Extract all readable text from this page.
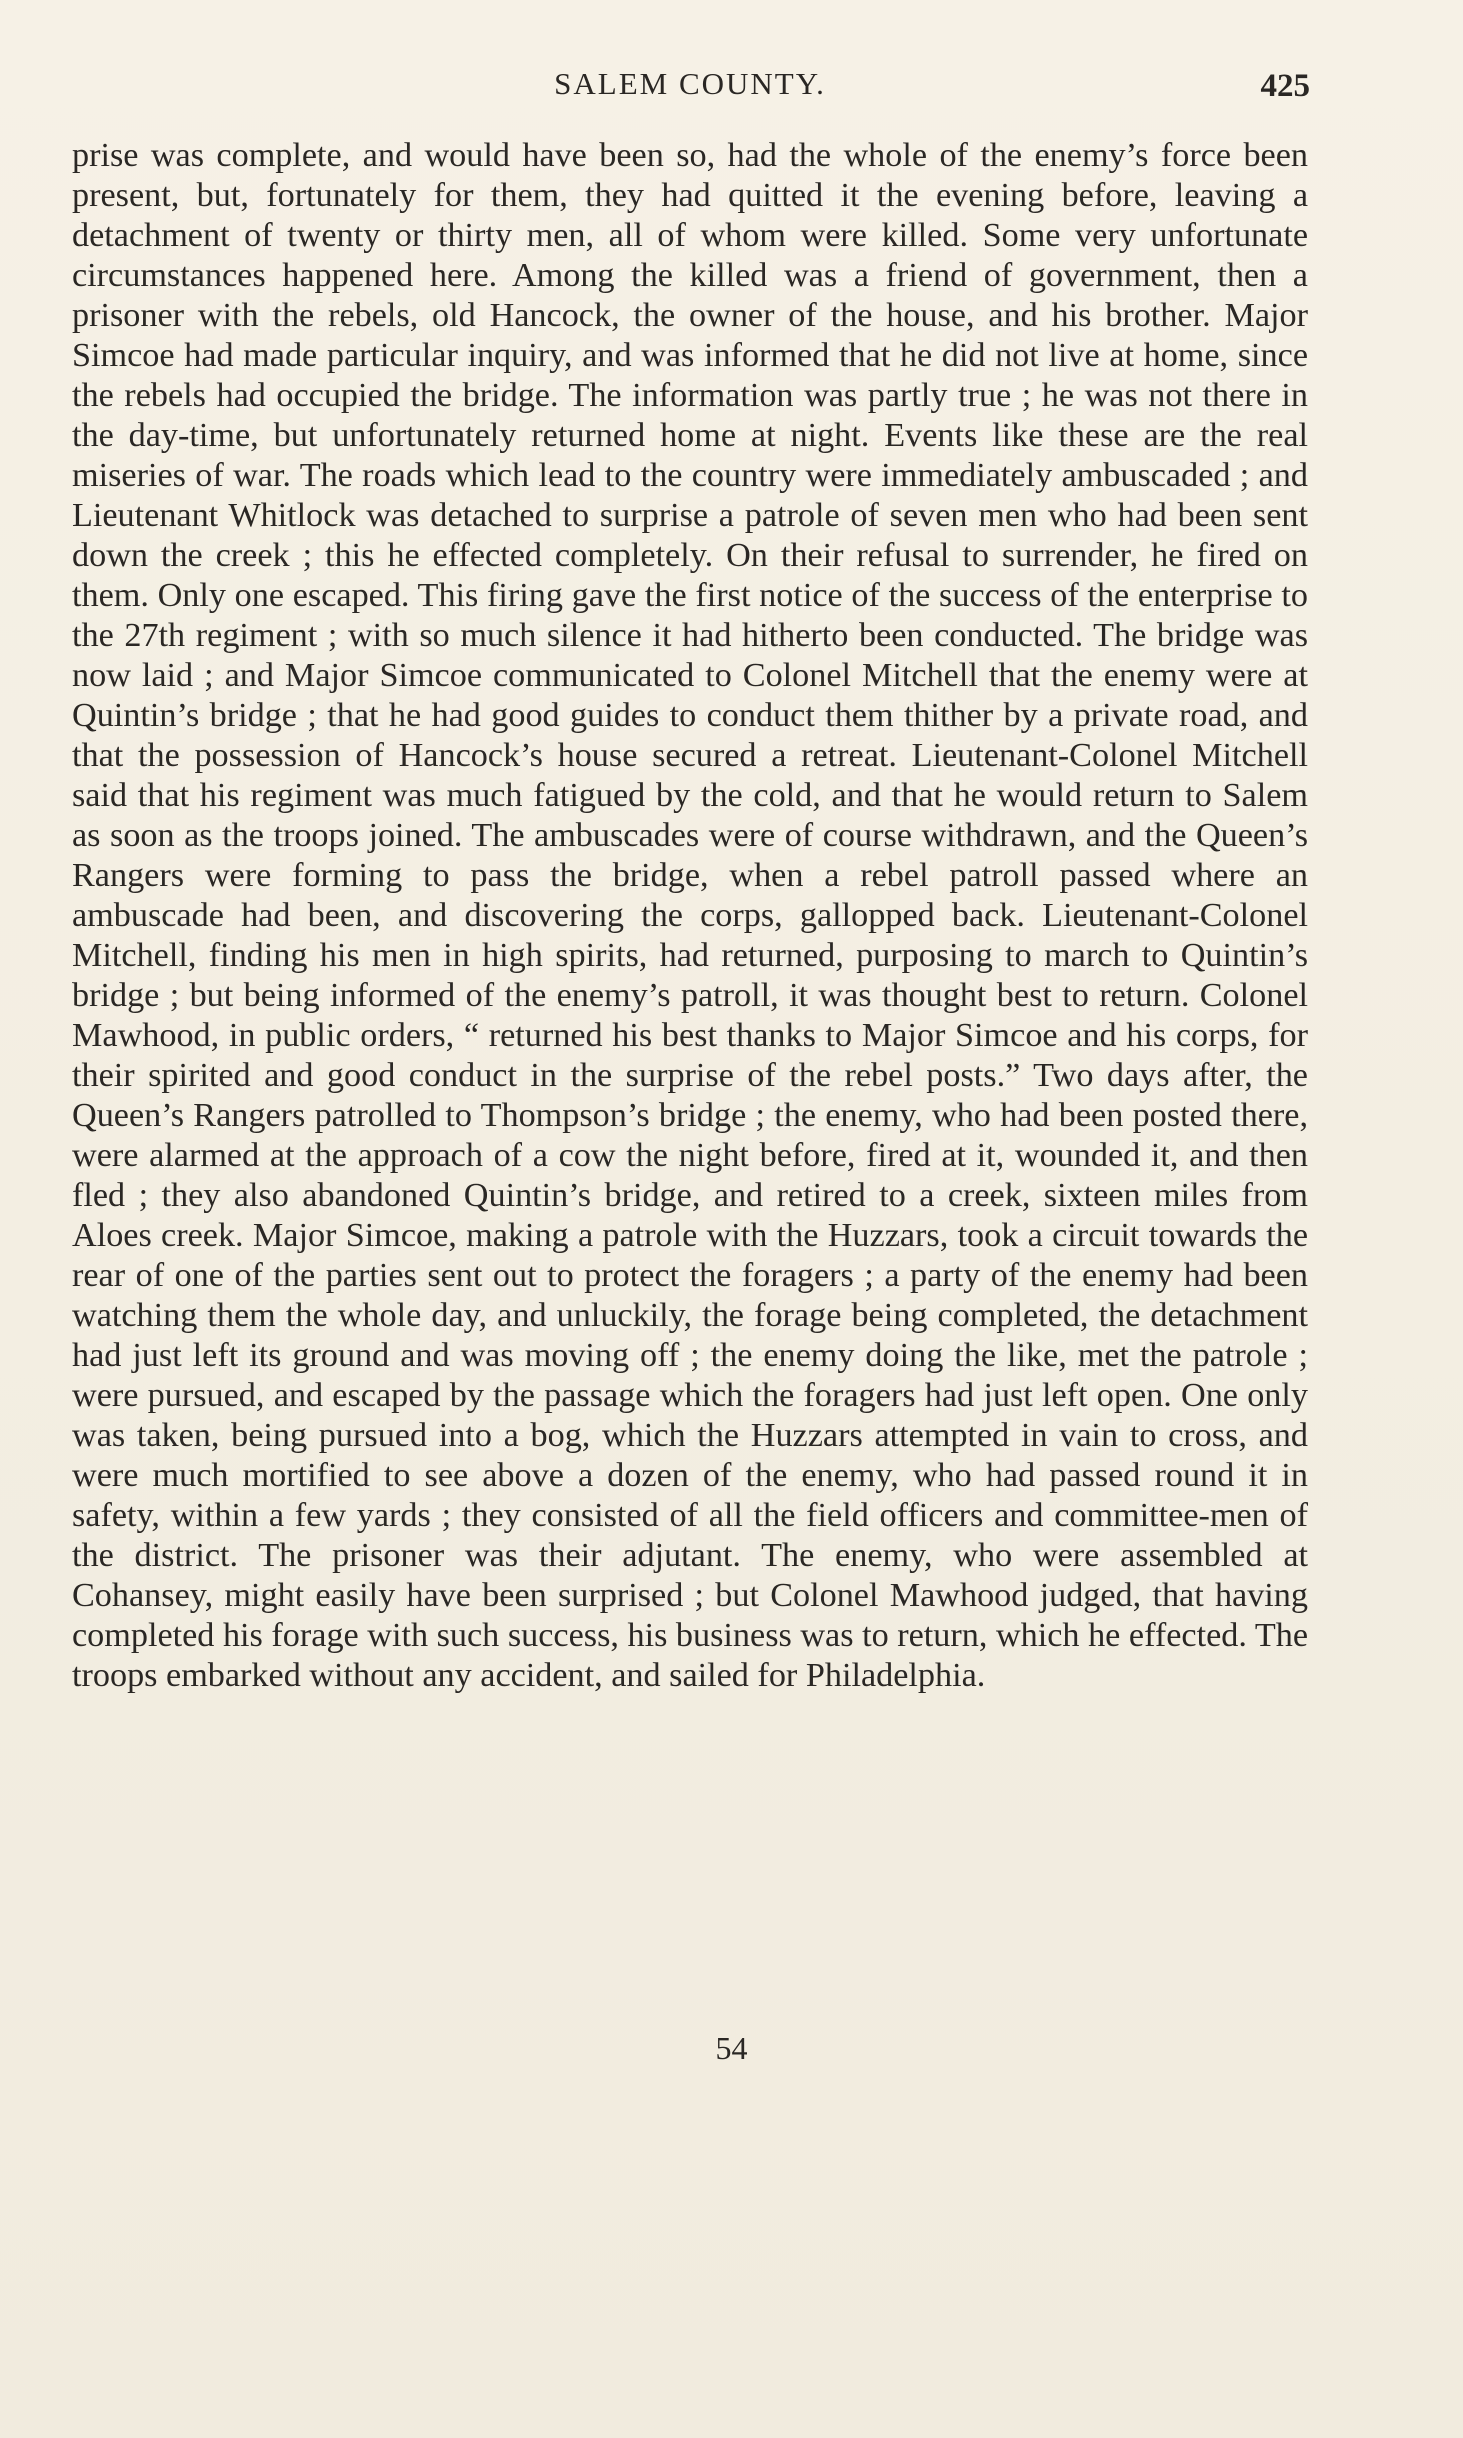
SALEM COUNTY.	425

prise was complete, and would have been so, had the whole of the enemy’s force been present, but, fortunately for them, they had quitted it the evening before, leaving a detachment of twenty or thirty men, all of whom were killed. Some very unfortunate circumstances happened here. Among the killed was a friend of government, then a prisoner with the rebels, old Hancock, the owner of the house, and his brother. Major Simcoe had made particular inquiry, and was informed that he did not live at home, since the rebels had occupied the bridge. The information was partly true ; he was not there in the day-time, but unfortunately returned home at night. Events like these are the real miseries of war. The roads which lead to the country were immediately ambuscaded ; and Lieutenant Whitlock was detached to surprise a patrole of seven men who had been sent down the creek ; this he effected completely. On their refusal to surrender, he fired on them. Only one escaped. This firing gave the first notice of the success of the enterprise to the 27th regiment ; with so much silence it had hitherto been conducted. The bridge was now laid ; and Major Simcoe communicated to Colonel Mitchell that the enemy were at Quintin’s bridge ; that he had good guides to conduct them thither by a private road, and that the possession of Hancock’s house secured a retreat. Lieutenant-Colonel Mitchell said that his regiment was much fatigued by the cold, and that he would return to Salem as soon as the troops joined. The ambuscades were of course withdrawn, and the Queen’s Rangers were forming to pass the bridge, when a rebel patroll passed where an ambuscade had been, and discovering the corps, gallopped back. Lieutenant-Colonel Mitchell, finding his men in high spirits, had returned, purposing to march to Quintin’s bridge ; but being informed of the enemy’s patroll, it was thought best to return. Colonel Mawhood, in public orders, “ returned his best thanks to Major Simcoe and his corps, for their spirited and good conduct in the surprise of the rebel posts.” Two days after, the Queen’s Rangers patrolled to Thompson’s bridge ; the enemy, who had been posted there, were alarmed at the approach of a cow the night before, fired at it, wounded it, and then fled ; they also abandoned Quintin’s bridge, and retired to a creek, sixteen miles from Aloes creek. Major Simcoe, making a patrole with the Huzzars, took a circuit towards the rear of one of the parties sent out to protect the foragers ; a party of the enemy had been watching them the whole day, and unluckily, the forage being completed, the detachment had just left its ground and was moving off ; the enemy doing the like, met the patrole ; were pursued, and escaped by the passage which the foragers had just left open. One only was taken, being pursued into a bog, which the Huzzars attempted in vain to cross, and were much mortified to see above a dozen of the enemy, who had passed round it in safety, within a few yards ; they consisted of all the field officers and committee-men of the district. The prisoner was their adjutant. The enemy, who were assembled at Cohansey, might easily have been surprised ; but Colonel Mawhood judged, that having completed his forage with such success, his business was to return, which he effected. The troops embarked without any accident, and sailed for Philadelphia.

54
